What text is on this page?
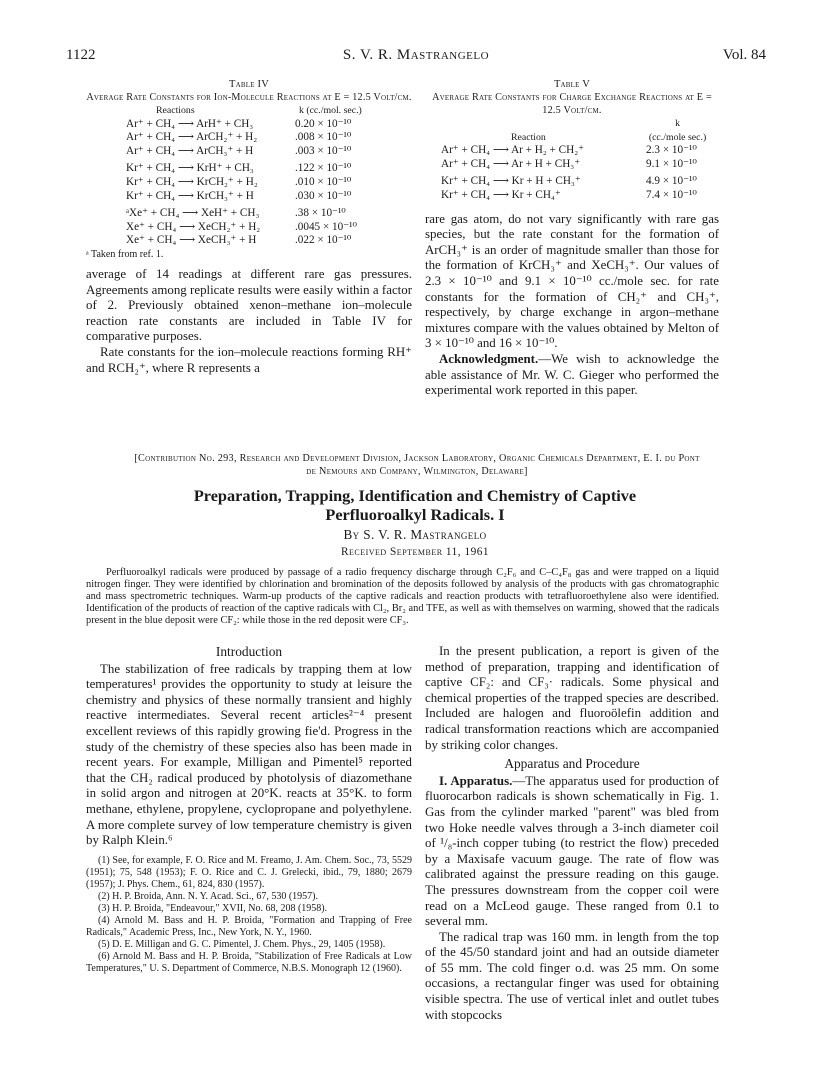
1122	S. V. R. Mastrangelo	Vol. 84
Table IV
Average Rate Constants for Ion-Molecule Reactions at E = 12.5 Volt/cm.
Reactions	k (cc./mol. sec.)
Ar⁺ + CH₄ ⟶ ArH⁺ + CH₃	0.20 × 10⁻¹⁰
Ar⁺ + CH₄ ⟶ ArCH₂⁺ + H₂	.008 × 10⁻¹⁰
Ar⁺ + CH₄ ⟶ ArCH₃⁺ + H	.003 × 10⁻¹⁰
Kr⁺ + CH₄ ⟶ KrH⁺ + CH₃	.122 × 10⁻¹⁰
Kr⁺ + CH₄ ⟶ KrCH₂⁺ + H₂	.010 × 10⁻¹⁰
Kr⁺ + CH₄ ⟶ KrCH₃⁺ + H	.030 × 10⁻¹⁰
ᵃXe⁺ + CH₄ ⟶ XeH⁺ + CH₃	.38 × 10⁻¹⁰
Xe⁺ + CH₄ ⟶ XeCH₂⁺ + H₂	.0045 × 10⁻¹⁰
Xe⁺ + CH₄ ⟶ XeCH₃⁺ + H	.022 × 10⁻¹⁰
ᵃ Taken from ref. 1.

average of 14 readings at different rare gas pressures. Agreements among replicate results were easily within a factor of 2. Previously obtained xenon–methane ion–molecule reaction rate constants are included in Table IV for comparative purposes.

Rate constants for the ion–molecule reactions forming RH⁺ and RCH₂⁺, where R represents a

Table V
Average Rate Constants for Charge Exchange Reactions at E = 12.5 Volt/cm.
Reaction	k
(cc./mole sec.)

Ar⁺ + CH₄ ⟶ Ar + H₂ + CH₂⁺	2.3 × 10⁻¹⁰
Ar⁺ + CH₄ ⟶ Ar + H + CH₃⁺	9.1 × 10⁻¹⁰
Kr⁺ + CH₄ ⟶ Kr + H + CH₃⁺	4.9 × 10⁻¹⁰
Kr⁺ + CH₄ ⟶ Kr + CH₄⁺	7.4 × 10⁻¹⁰

rare gas atom, do not vary significantly with rare gas species, but the rate constant for the formation of ArCH₃⁺ is an order of magnitude smaller than those for the formation of KrCH₃⁺ and XeCH₃⁺. Our values of 2.3 × 10⁻¹⁰ and 9.1 × 10⁻¹⁰ cc./mole sec. for rate constants for the formation of CH₂⁺ and CH₃⁺, respectively, by charge exchange in argon–methane mixtures compare with the values obtained by Melton of 3 × 10⁻¹⁰ and 16 × 10⁻¹⁰.

Acknowledgment.—We wish to acknowledge the able assistance of Mr. W. C. Gieger who performed the experimental work reported in this paper.

[Contribution No. 293, Research and Development Division, Jackson Laboratory, Organic Chemicals Department, E. I. du Pont de Nemours and Company, Wilmington, Delaware]
Preparation, Trapping, Identification and Chemistry of Captive Perfluoroalkyl Radicals. I
By S. V. R. Mastrangelo
Received September 11, 1961
Perfluoroalkyl radicals were produced by passage of a radio frequency discharge through C₂F₆ and C–C₄F₈ gas and were trapped on a liquid nitrogen finger. They were identified by chlorination and bromination of the deposits followed by analysis of the products with gas chromatographic and mass spectrometric techniques. Warm-up products of the captive radicals and reaction products with tetrafluoroethylene also were identified. Identification of the products of reaction of the captive radicals with Cl₂, Br₂ and TFE, as well as with themselves on warming, showed that the radicals present in the blue deposit were CF₂: while those in the red deposit were CF₃.
Introduction

The stabilization of free radicals by trapping them at low temperatures¹ provides the opportunity to study at leisure the chemistry and physics of these normally transient and highly reactive intermediates. Several recent articles²⁻⁴ present excellent reviews of this rapidly growing fie'd. Progress in the study of the chemistry of these species also has been made in recent years. For example, Milligan and Pimentel⁵ reported that the CH₂ radical produced by photolysis of diazomethane in solid argon and nitrogen at 20°K. reacts at 35°K. to form methane, ethylene, propylene, cyclopropane and polyethylene. A more complete survey of low temperature chemistry is given by Ralph Klein.⁶

(1) See, for example, F. O. Rice and M. Freamo, J. Am. Chem. Soc., 73, 5529 (1951); 75, 548 (1953); F. O. Rice and C. J. Grelecki, ibid., 79, 1880; 2679 (1957); J. Phys. Chem., 61, 824, 830 (1957).
(2) H. P. Broida, Ann. N. Y. Acad. Sci., 67, 530 (1957).
(3) H. P. Broida, "Endeavour," XVII, No. 68, 208 (1958).
(4) Arnold M. Bass and H. P. Broida, "Formation and Trapping of Free Radicals," Academic Press, Inc., New York, N. Y., 1960.
(5) D. E. Milligan and G. C. Pimentel, J. Chem. Phys., 29, 1405 (1958).
(6) Arnold M. Bass and H. P. Broida, "Stabilization of Free Radicals at Low Temperatures," U. S. Department of Commerce, N.B.S. Monograph 12 (1960).

In the present publication, a report is given of the method of preparation, trapping and identification of captive CF₂: and CF₃· radicals. Some physical and chemical properties of the trapped species are described. Included are halogen and fluoroölefin addition and radical transformation reactions which are accompanied by striking color changes.

Apparatus and Procedure

I. Apparatus.—The apparatus used for production of fluorocarbon radicals is shown schematically in Fig. 1. Gas from the cylinder marked "parent" was bled from two Hoke needle valves through a 3-inch diameter coil of ¹/₈-inch copper tubing (to restrict the flow) preceded by a Maxisafe vacuum gauge. The rate of flow was calibrated against the pressure reading on this gauge. The pressures downstream from the copper coil were read on a McLeod gauge. These ranged from 0.1 to several mm.

The radical trap was 160 mm. in length from the top of the 45/50 standard joint and had an outside diameter of 55 mm. The cold finger o.d. was 25 mm. On some occasions, a rectangular finger was used for obtaining visible spectra. The use of vertical inlet and outlet tubes with stopcocks
